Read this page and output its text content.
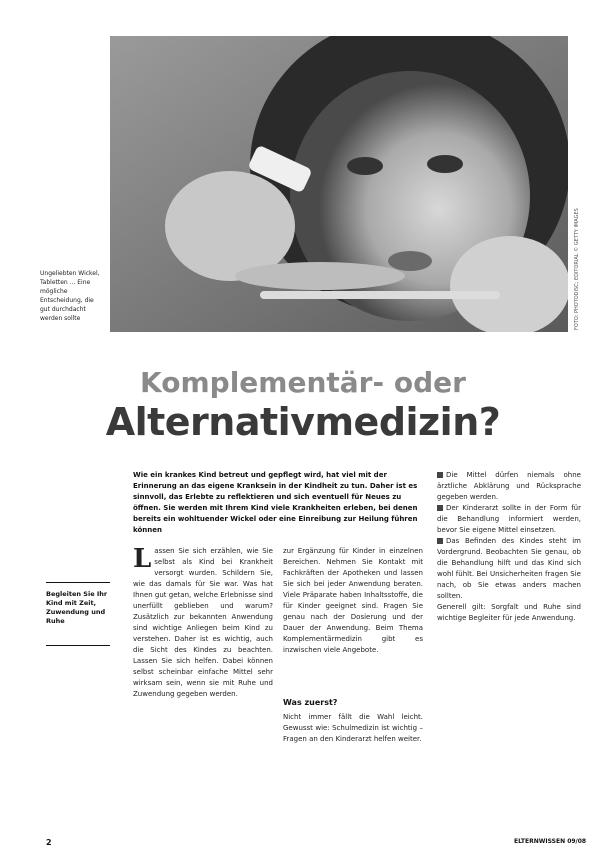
Ungeliebten Wickel, Tabletten ... Eine mögliche Entscheidung, die gut durchdacht werden sollte	FOTO: PHOTODISC; EDITORIAL © GETTY IMAGES
Komplementär- oder
Alternativmedizin?
Wie ein krankes Kind betreut und gepflegt wird, hat viel mit der Erinnerung an das eigene Kranksein in der Kindheit zu tun. Daher ist es sinnvoll, das Erlebte zu reflektieren und sich eventuell für Neues zu öffnen. Sie werden mit Ihrem Kind viele Krankheiten erleben, bei denen bereits ein wohltuender Wickel oder eine Einreibung zur Heilung führen können
Begleiten Sie Ihr Kind mit Zeit, Zuwendung und Ruhe
L assen Sie sich erzählen, wie Sie selbst als Kind bei Krankheit versorgt wurden. Schildern Sie, wie das damals für Sie war. Was hat Ihnen gut getan, welche Erlebnisse sind unerfüllt geblieben und warum? Zusätzlich zur bekannten Anwendung sind wichtige Anliegen beim Kind zu verstehen. Daher ist es wichtig, auch die Sicht des Kindes zu beachten. Lassen Sie sich helfen. Dabei können selbst scheinbar einfache Mittel sehr wirksam sein, wenn sie mit Ruhe und Zuwendung gegeben werden.
zur Ergänzung für Kinder in einzelnen Bereichen. Nehmen Sie Kontakt mit Fachkräften der Apotheken und lassen Sie sich bei jeder Anwendung beraten. Viele Präparate haben Inhaltsstoffe, die für Kinder geeignet sind. Fragen Sie genau nach der Dosierung und der Dauer der Anwendung. Beim Thema Komplementärmedizin gibt es inzwischen viele Angebote.
Was zuerst?
Nicht immer fällt die Wahl leicht. Gewusst wie: Schulmedizin ist wichtig – Fragen an den Kinderarzt helfen weiter.

Die Mittel dürfen niemals ohne ärztliche Abklärung und Rücksprache gegeben werden.

Der Kinderarzt sollte in der Form für die Behandlung informiert werden, bevor Sie eigene Mittel einsetzen.

Das Befinden des Kindes steht im Vordergrund. Beobachten Sie genau, ob die Behandlung hilft und das Kind sich wohl fühlt. Bei Unsicherheiten fragen Sie nach, ob Sie etwas anders machen sollten.

Generell gilt: Sorgfalt und Ruhe sind wichtige Begleiter für jede Anwendung.

2	ELTERNWISSEN 09/08
